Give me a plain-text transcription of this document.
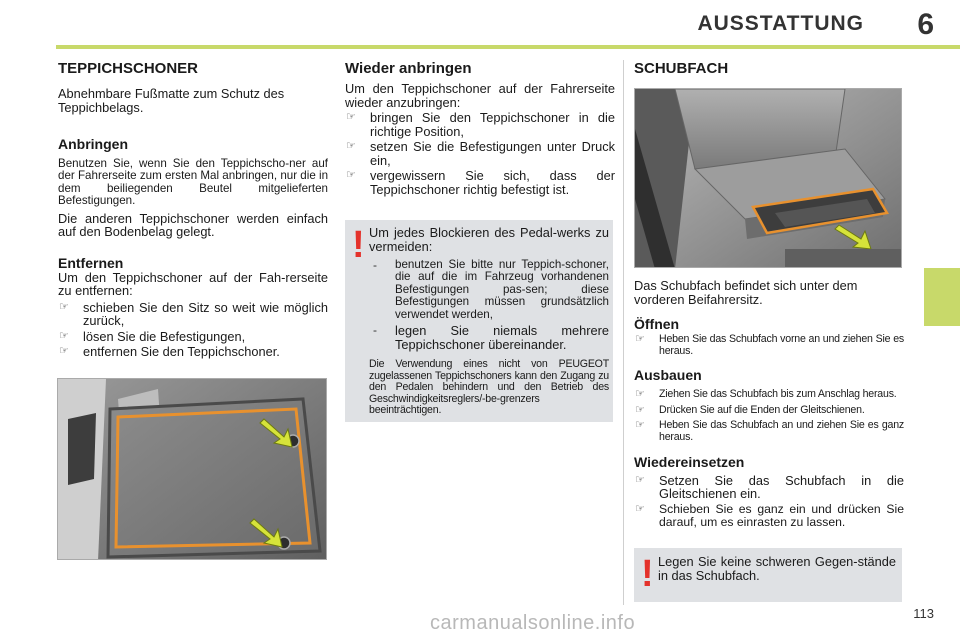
AUSSTATTUNG 6
TEPPICHSCHONER

Abnehmbare Fußmatte zum Schutz des Teppichbelags.

Anbringen

Benutzen Sie, wenn Sie den Teppichscho-ner auf der Fahrerseite zum ersten Mal anbringen, nur die in dem beiliegenden Beutel mitgelieferten Befestigungen.

Die anderen Teppichschoner werden einfach auf den Bodenbelag gelegt.

Entfernen

Um den Teppichschoner auf der Fah-rerseite zu entfernen:

☞ schieben Sie den Sitz so weit wie möglich zurück,
☞ lösen Sie die Befestigungen,
☞ entfernen Sie den Teppichschoner.
Wieder anbringen

Um den Teppichschoner auf der Fahrerseite wieder anzubringen:

☞ bringen Sie den Teppichschoner in die richtige Position,
☞ setzen Sie die Befestigungen unter Druck ein,
☞ vergewissern Sie sich, dass der Teppichschoner richtig befestigt ist.
! Um jedes Blockieren des Pedal-werks zu vermeiden:

- benutzen Sie bitte nur Teppich-schoner, die auf die im Fahrzeug vorhandenen Befestigungen pas-sen; diese Befestigungen müssen grundsätzlich verwendet werden,
- legen Sie niemals mehrere Teppichschoner übereinander.

Die Verwendung eines nicht von PEUGEOT zugelassenen Teppichschoners kann den Zugang zu den Pedalen behindern und den Betrieb des Geschwindigkeitsreglers/-be-grenzers beeinträchtigen.

SCHUBFACH

Das Schubfach befindet sich unter dem vorderen Beifahrersitz.

Öffnen
☞ Heben Sie das Schubfach vorne an und ziehen Sie es heraus.
Ausbauen
☞ Ziehen Sie das Schubfach bis zum Anschlag heraus.
☞ Drücken Sie auf die Enden der Gleitschienen.
☞ Heben Sie das Schubfach an und ziehen Sie es ganz heraus.
Wiedereinsetzen
☞ Setzen Sie das Schubfach in die Gleitschienen ein.
☞ Schieben Sie es ganz ein und drücken Sie darauf, um es einrasten zu lassen.
! Legen Sie keine schweren Gegen-stände in das Schubfach.

113
carmanualsonline.info
